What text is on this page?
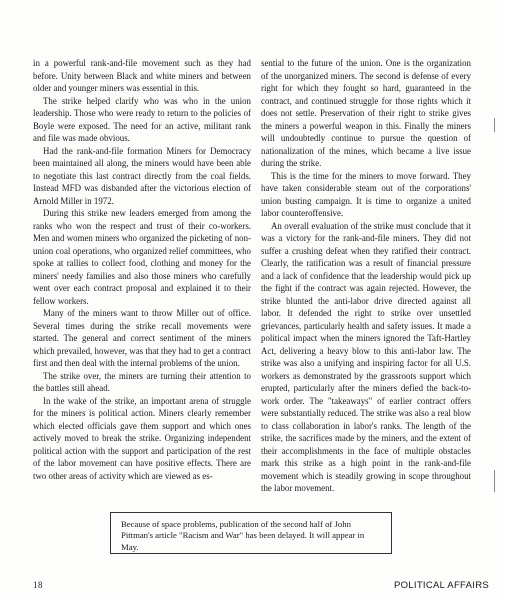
in a powerful rank-and-file movement such as they had before. Unity between Black and white miners and between older and younger miners was essential in this.

The strike helped clarify who was who in the union leadership. Those who were ready to return to the policies of Boyle were exposed. The need for an active, militant rank and file was made obvious.

Had the rank-and-file formation Miners for Democracy been maintained all along, the miners would have been able to negotiate this last contract directly from the coal fields. Instead MFD was disbanded after the victorious election of Arnold Miller in 1972.

During this strike new leaders emerged from among the ranks who won the respect and trust of their co-workers. Men and women miners who organized the picketing of non-union coal operations, who organized relief committees, who spoke at rallies to collect food, clothing and money for the miners' needy families and also those miners who carefully went over each contract proposal and explained it to their fellow workers.

Many of the miners want to throw Miller out of office. Several times during the strike recall movements were started. The general and correct sentiment of the miners which prevailed, however, was that they had to get a contract first and then deal with the internal problems of the union.

The strike over, the miners are turning their attention to the battles still ahead.

In the wake of the strike, an important arena of struggle for the miners is political action. Miners clearly remember which elected officials gave them support and which ones actively moved to break the strike. Organizing independent political action with the support and participation of the rest of the labor movement can have positive effects. There are two other areas of activity which are viewed as es-

sential to the future of the union. One is the organization of the unorganized miners. The second is defense of every right for which they fought so hard, guaranteed in the contract, and continued struggle for those rights which it does not settle. Preservation of their right to strike gives the miners a powerful weapon in this. Finally the miners will undoubtedly continue to pursue the question of nationalization of the mines, which became a live issue during the strike.

This is the time for the miners to move forward. They have taken considerable steam out of the corporations' union busting campaign. It is time to organize a united labor counteroffensive.

An overall evaluation of the strike must conclude that it was a victory for the rank-and-file miners. They did not suffer a crushing defeat when they ratified their contract. Clearly, the ratification was a result of financial pressure and a lack of confidence that the leadership would pick up the fight if the contract was again rejected. However, the strike blunted the anti-labor drive directed against all labor. It defended the right to strike over unsettled grievances, particularly health and safety issues. It made a political impact when the miners ignored the Taft-Hartley Act, delivering a heavy blow to this anti-labor law. The strike was also a unifying and inspiring factor for all U.S. workers as demonstrated by the grassroots support which erupted, particularly after the miners defied the back-to-work order. The "takeaways" of earlier contract offers were substantially reduced. The strike was also a real blow to class collaboration in labor's ranks. The length of the strike, the sacrifices made by the miners, and the extent of their accomplishments in the face of multiple obstacles mark this strike as a high point in the rank-and-file movement which is steadily growing in scope throughout the labor movement.

Because of space problems, publication of the second half of John Pittman's article "Racism and War" has been delayed. It will appear in May.
18	POLITICAL AFFAIRS
